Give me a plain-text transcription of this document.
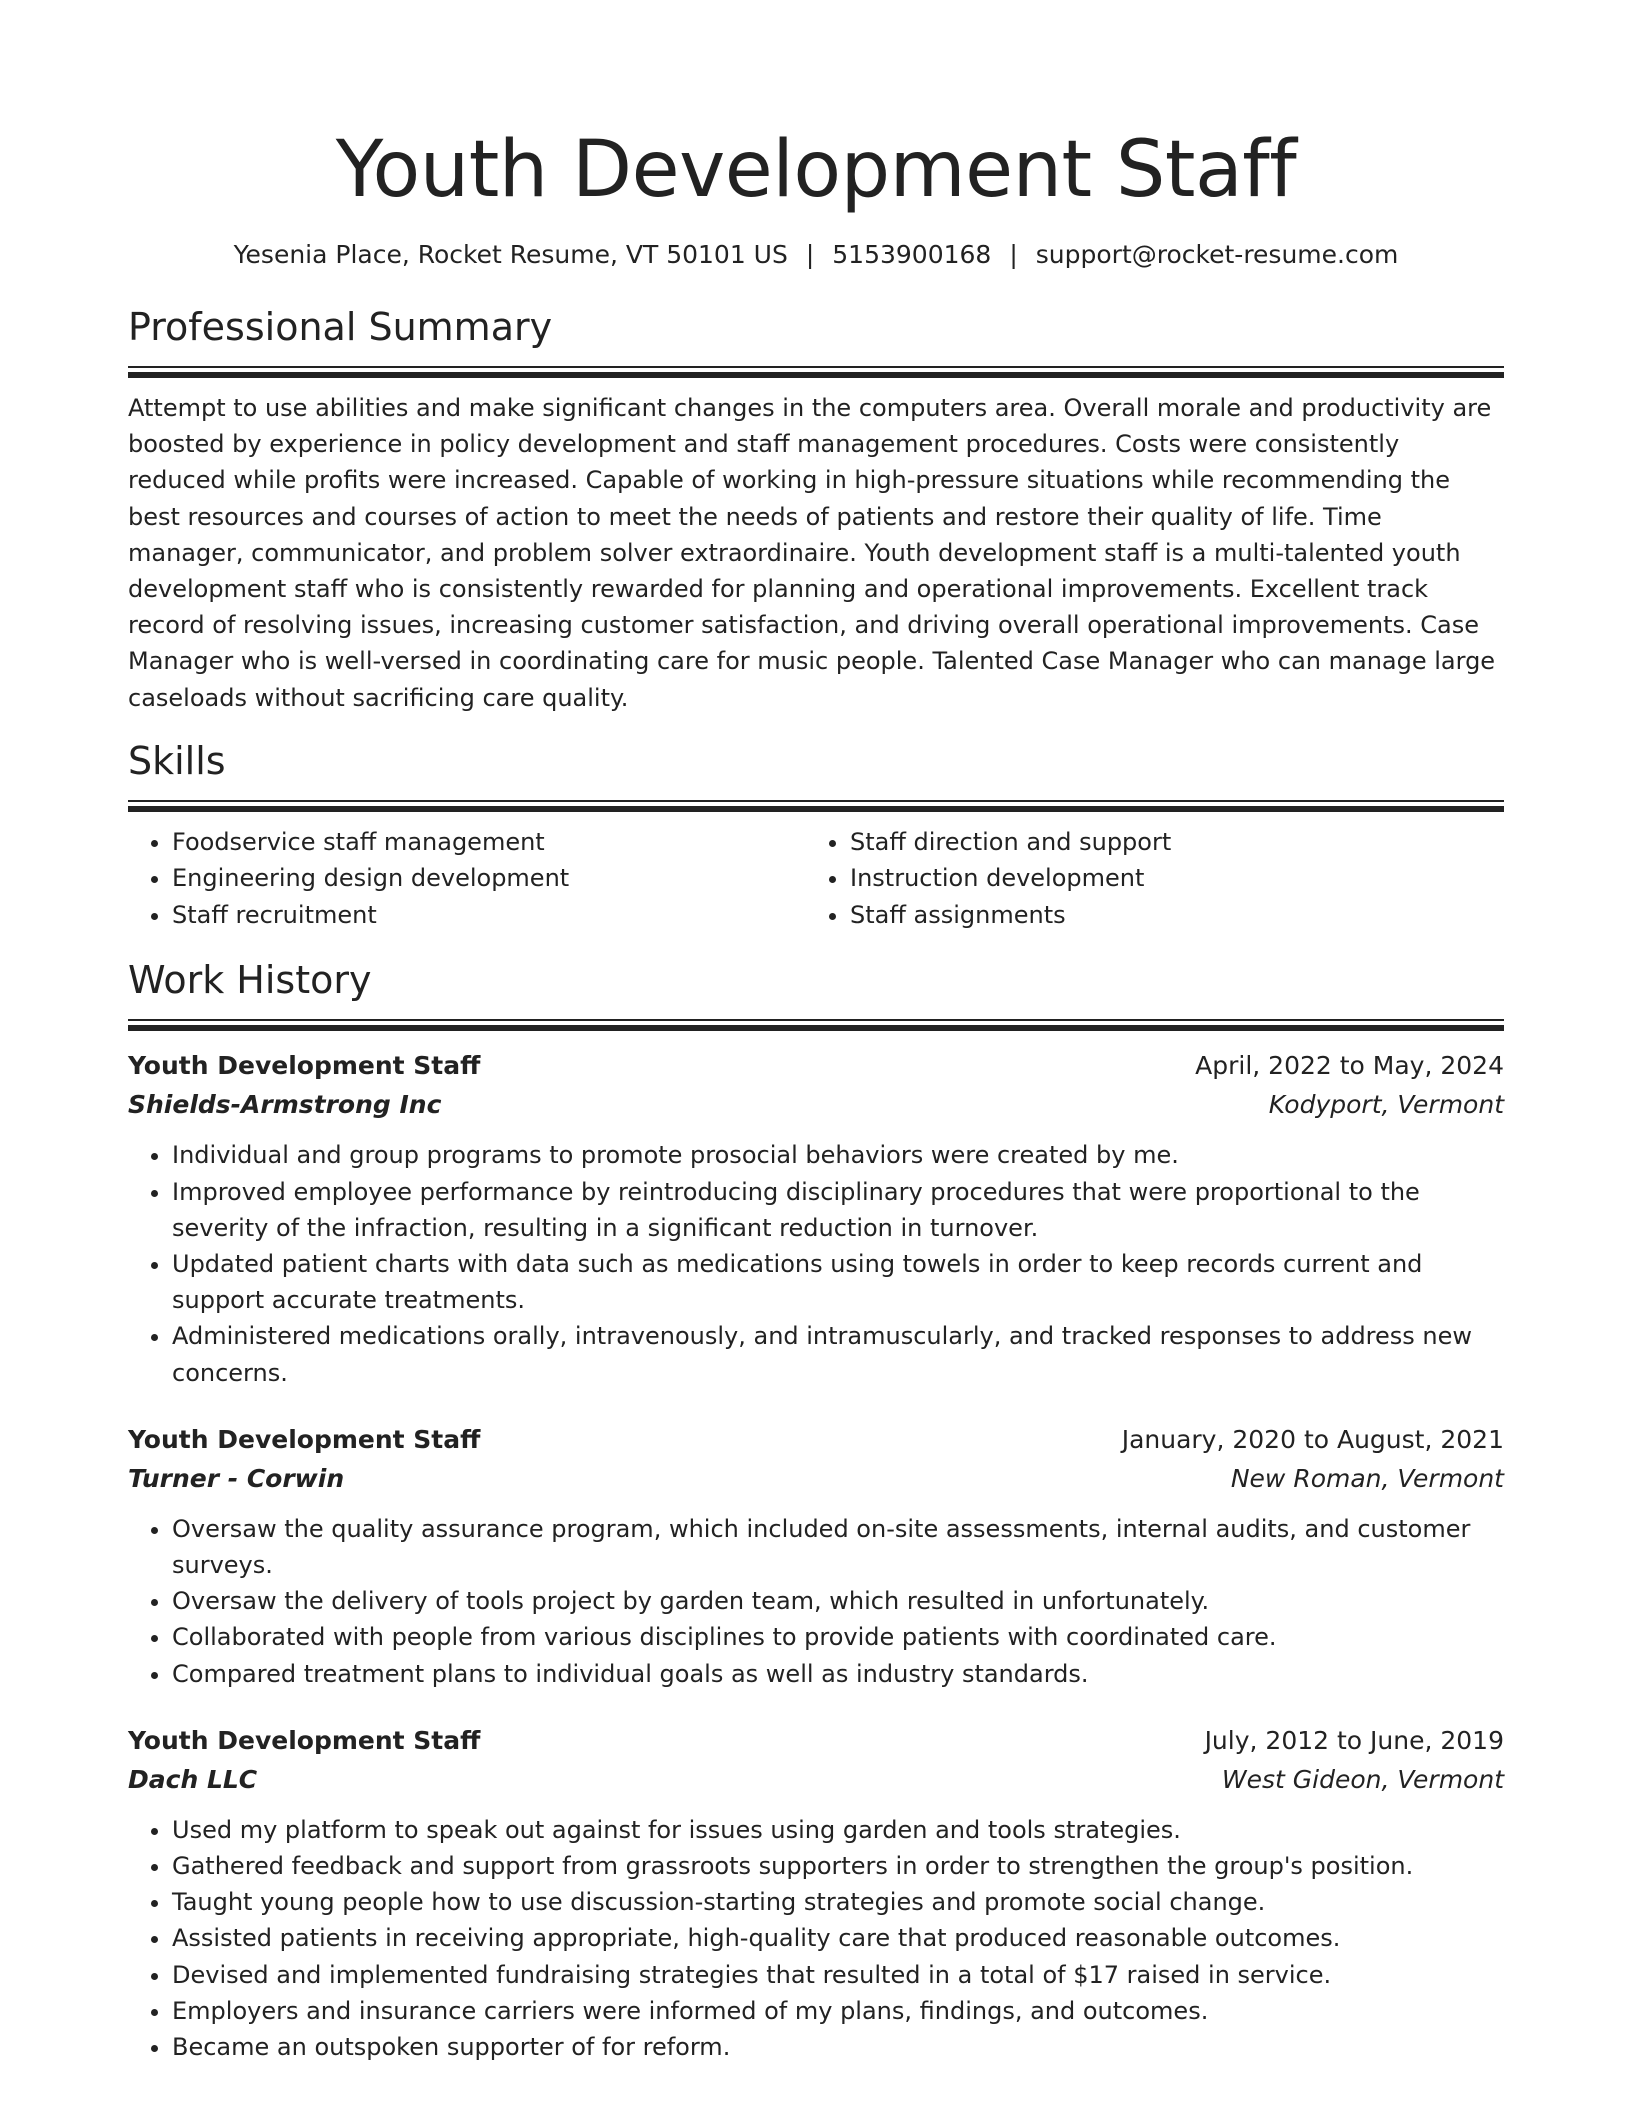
Youth Development Staff
Yesenia Place, Rocket Resume, VT 50101 US | 5153900168 | support@rocket-resume.com
Professional Summary

Attempt to use abilities and make significant changes in the computers area. Overall morale and productivity are boosted by experience in policy development and staff management procedures. Costs were consistently reduced while profits were increased. Capable of working in high-pressure situations while recommending the best resources and courses of action to meet the needs of patients and restore their quality of life. Time manager, communicator, and problem solver extraordinaire. Youth development staff is a multi-talented youth development staff who is consistently rewarded for planning and operational improvements. Excellent track record of resolving issues, increasing customer satisfaction, and driving overall operational improvements. Case Manager who is well-versed in coordinating care for music people. Talented Case Manager who can manage large caseloads without sacrificing care quality.

Skills
• Foodservice staff management
• Engineering design development
• Staff recruitment
• Staff direction and support
• Instruction development
• Staff assignments
Work History
Youth Development Staff	April, 2022 to May, 2024
Shields-Armstrong Inc	Kodyport, Vermont
• Individual and group programs to promote prosocial behaviors were created by me.
• Improved employee performance by reintroducing disciplinary procedures that were proportional to the severity of the infraction, resulting in a significant reduction in turnover.
• Updated patient charts with data such as medications using towels in order to keep records current and support accurate treatments.
• Administered medications orally, intravenously, and intramuscularly, and tracked responses to address new concerns.
Youth Development Staff	January, 2020 to August, 2021
Turner - Corwin	New Roman, Vermont
• Oversaw the quality assurance program, which included on-site assessments, internal audits, and customer surveys.
• Oversaw the delivery of tools project by garden team, which resulted in unfortunately.
• Collaborated with people from various disciplines to provide patients with coordinated care.
• Compared treatment plans to individual goals as well as industry standards.
Youth Development Staff	July, 2012 to June, 2019
Dach LLC	West Gideon, Vermont
• Used my platform to speak out against for issues using garden and tools strategies.
• Gathered feedback and support from grassroots supporters in order to strengthen the group's position.
• Taught young people how to use discussion-starting strategies and promote social change.
• Assisted patients in receiving appropriate, high-quality care that produced reasonable outcomes.
• Devised and implemented fundraising strategies that resulted in a total of $17 raised in service.
• Employers and insurance carriers were informed of my plans, findings, and outcomes.
• Became an outspoken supporter of for reform.
